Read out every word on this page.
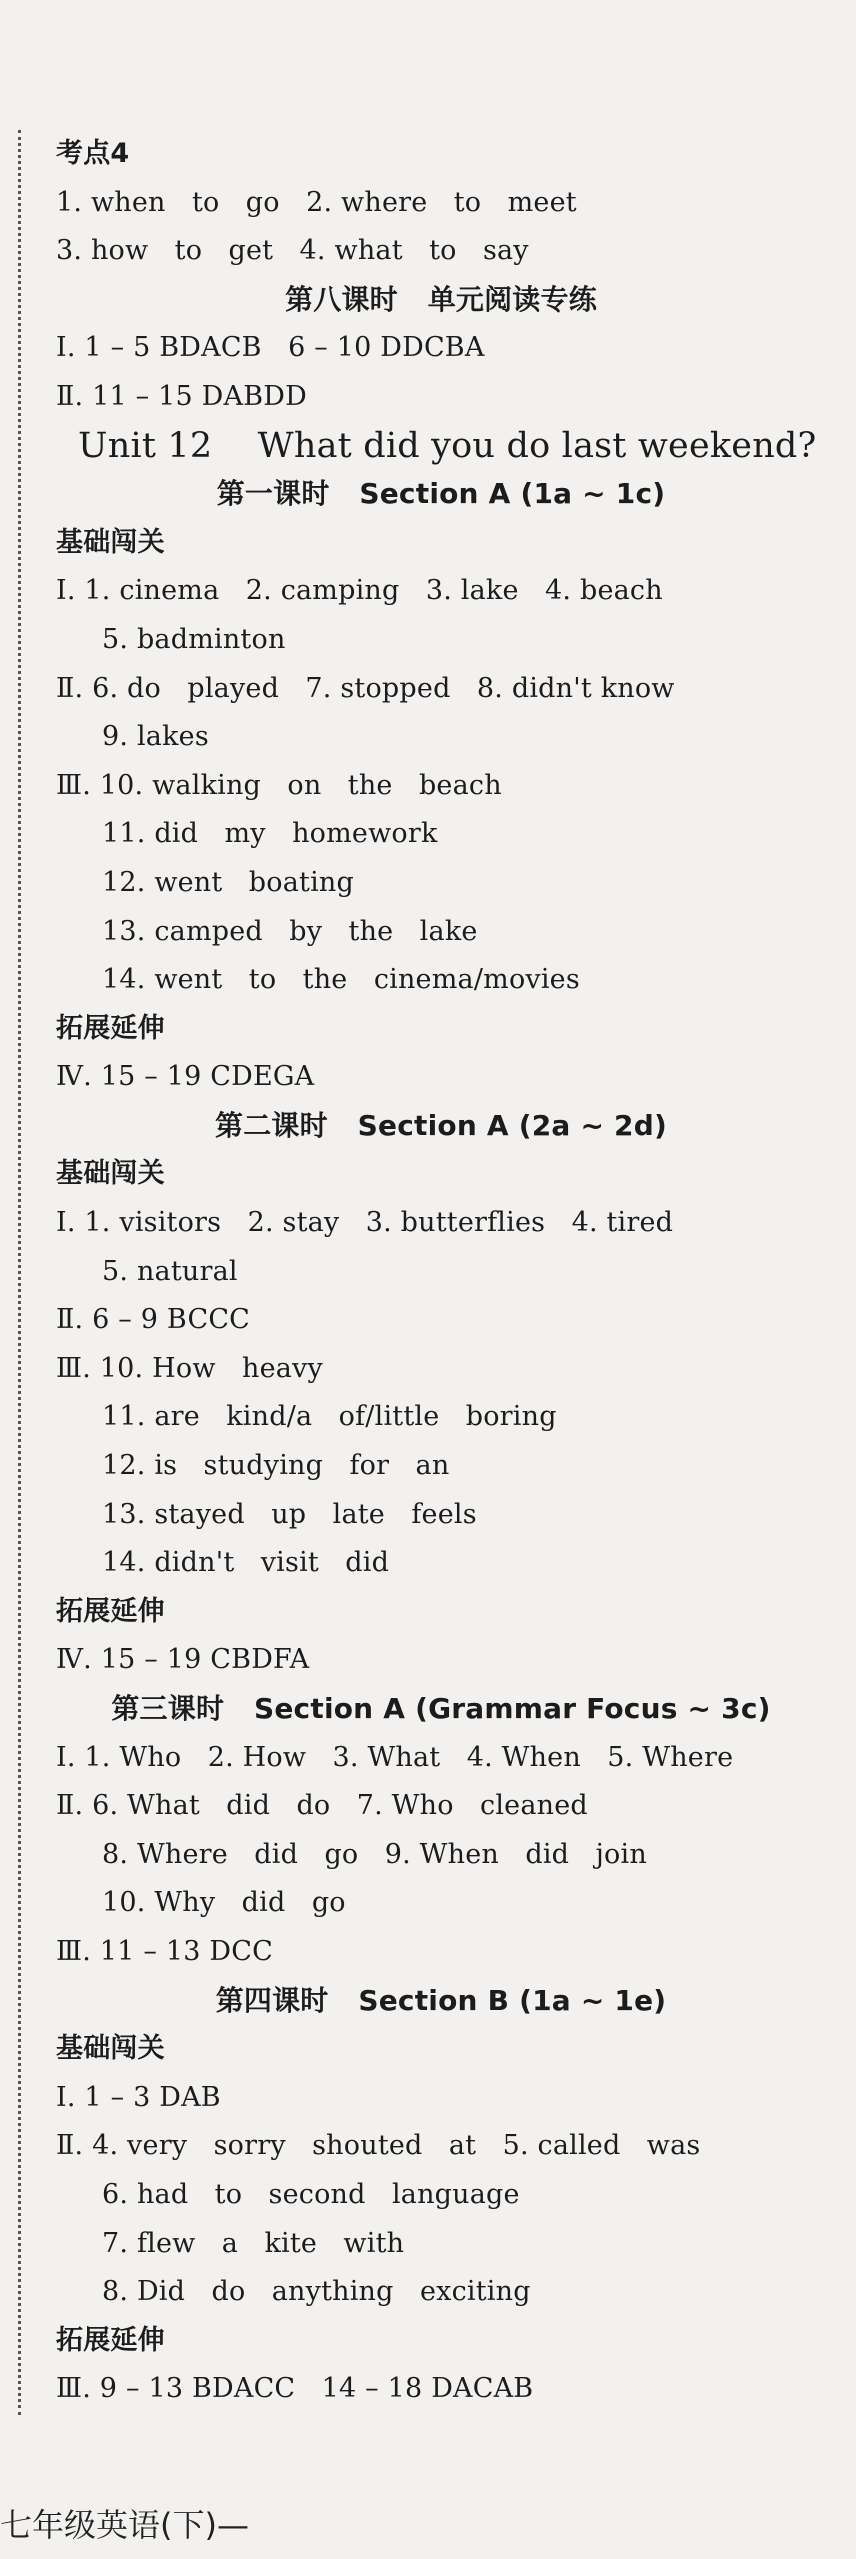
考点4
1. when   to   go   2. where   to   meet
3. how   to   get   4. what   to   say
第八课时   单元阅读专练
Ⅰ. 1 – 5 BDACB   6 – 10 DDCBA
Ⅱ. 11 – 15 DABDD
Unit 12    What did you do last weekend?
第一课时   Section A (1a ~ 1c)
基础闯关
Ⅰ. 1. cinema   2. camping   3. lake   4. beach
5. badminton
Ⅱ. 6. do   played   7. stopped   8. didn't know
9. lakes
Ⅲ. 10. walking   on   the   beach
11. did   my   homework
12. went   boating
13. camped   by   the   lake
14. went   to   the   cinema/movies
拓展延伸
Ⅳ. 15 – 19 CDEGA
第二课时   Section A (2a ~ 2d)
基础闯关
Ⅰ. 1. visitors   2. stay   3. butterflies   4. tired
5. natural
Ⅱ. 6 – 9 BCCC
Ⅲ. 10. How   heavy
11. are   kind/a   of/little   boring
12. is   studying   for   an
13. stayed   up   late   feels
14. didn't   visit   did
拓展延伸
Ⅳ. 15 – 19 CBDFA
第三课时   Section A (Grammar Focus ~ 3c)
Ⅰ. 1. Who   2. How   3. What   4. When   5. Where
Ⅱ. 6. What   did   do   7. Who   cleaned
8. Where   did   go   9. When   did   join
10. Why   did   go
Ⅲ. 11 – 13 DCC
第四课时   Section B (1a ~ 1e)
基础闯关
Ⅰ. 1 – 3 DAB
Ⅱ. 4. very   sorry   shouted   at   5. called   was
6. had   to   second   language
7. flew   a   kite   with
8. Did   do   anything   exciting
拓展延伸
Ⅲ. 9 – 13 BDACC   14 – 18 DACAB
七年级英语(下)—
